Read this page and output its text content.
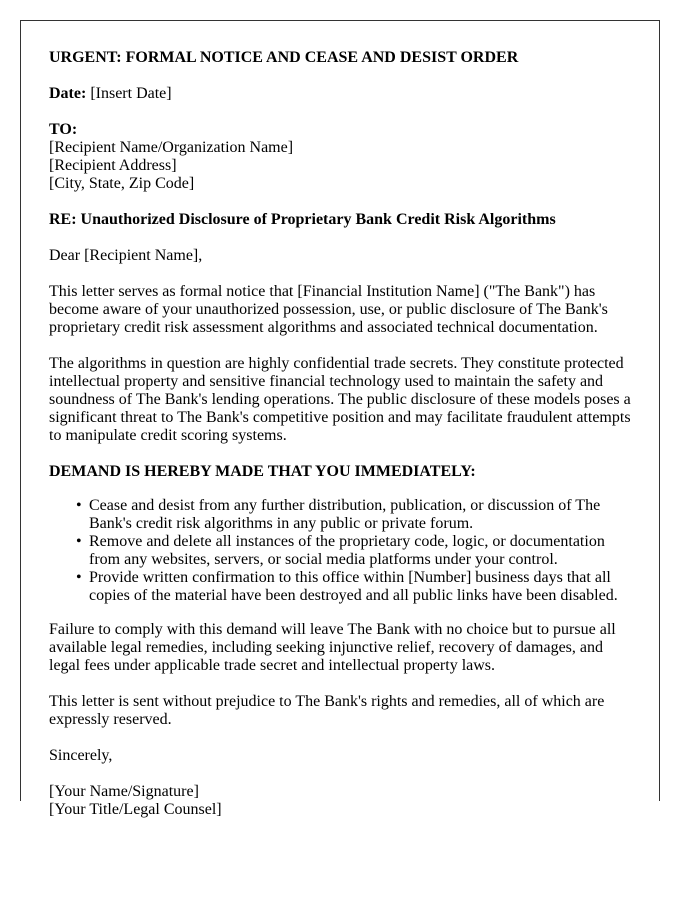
URGENT: FORMAL NOTICE AND CEASE AND DESIST ORDER

Date: [Insert Date]

TO:
[Recipient Name/Organization Name]
[Recipient Address]
[City, State, Zip Code]

RE: Unauthorized Disclosure of Proprietary Bank Credit Risk Algorithms

Dear [Recipient Name],

This letter serves as formal notice that [Financial Institution Name] ("The Bank") has become aware of your unauthorized possession, use, or public disclosure of The Bank's proprietary credit risk assessment algorithms and associated technical documentation.

The algorithms in question are highly confidential trade secrets. They constitute protected intellectual property and sensitive financial technology used to maintain the safety and soundness of The Bank's lending operations. The public disclosure of these models poses a significant threat to The Bank's competitive position and may facilitate fraudulent attempts to manipulate credit scoring systems.

DEMAND IS HEREBY MADE THAT YOU IMMEDIATELY:
• Cease and desist from any further distribution, publication, or discussion of The Bank's credit risk algorithms in any public or private forum.
• Remove and delete all instances of the proprietary code, logic, or documentation from any websites, servers, or social media platforms under your control.
• Provide written confirmation to this office within [Number] business days that all copies of the material have been destroyed and all public links have been disabled.

Failure to comply with this demand will leave The Bank with no choice but to pursue all available legal remedies, including seeking injunctive relief, recovery of damages, and legal fees under applicable trade secret and intellectual property laws.

This letter is sent without prejudice to The Bank's rights and remedies, all of which are expressly reserved.

Sincerely,

[Your Name/Signature]
[Your Title/Legal Counsel]
